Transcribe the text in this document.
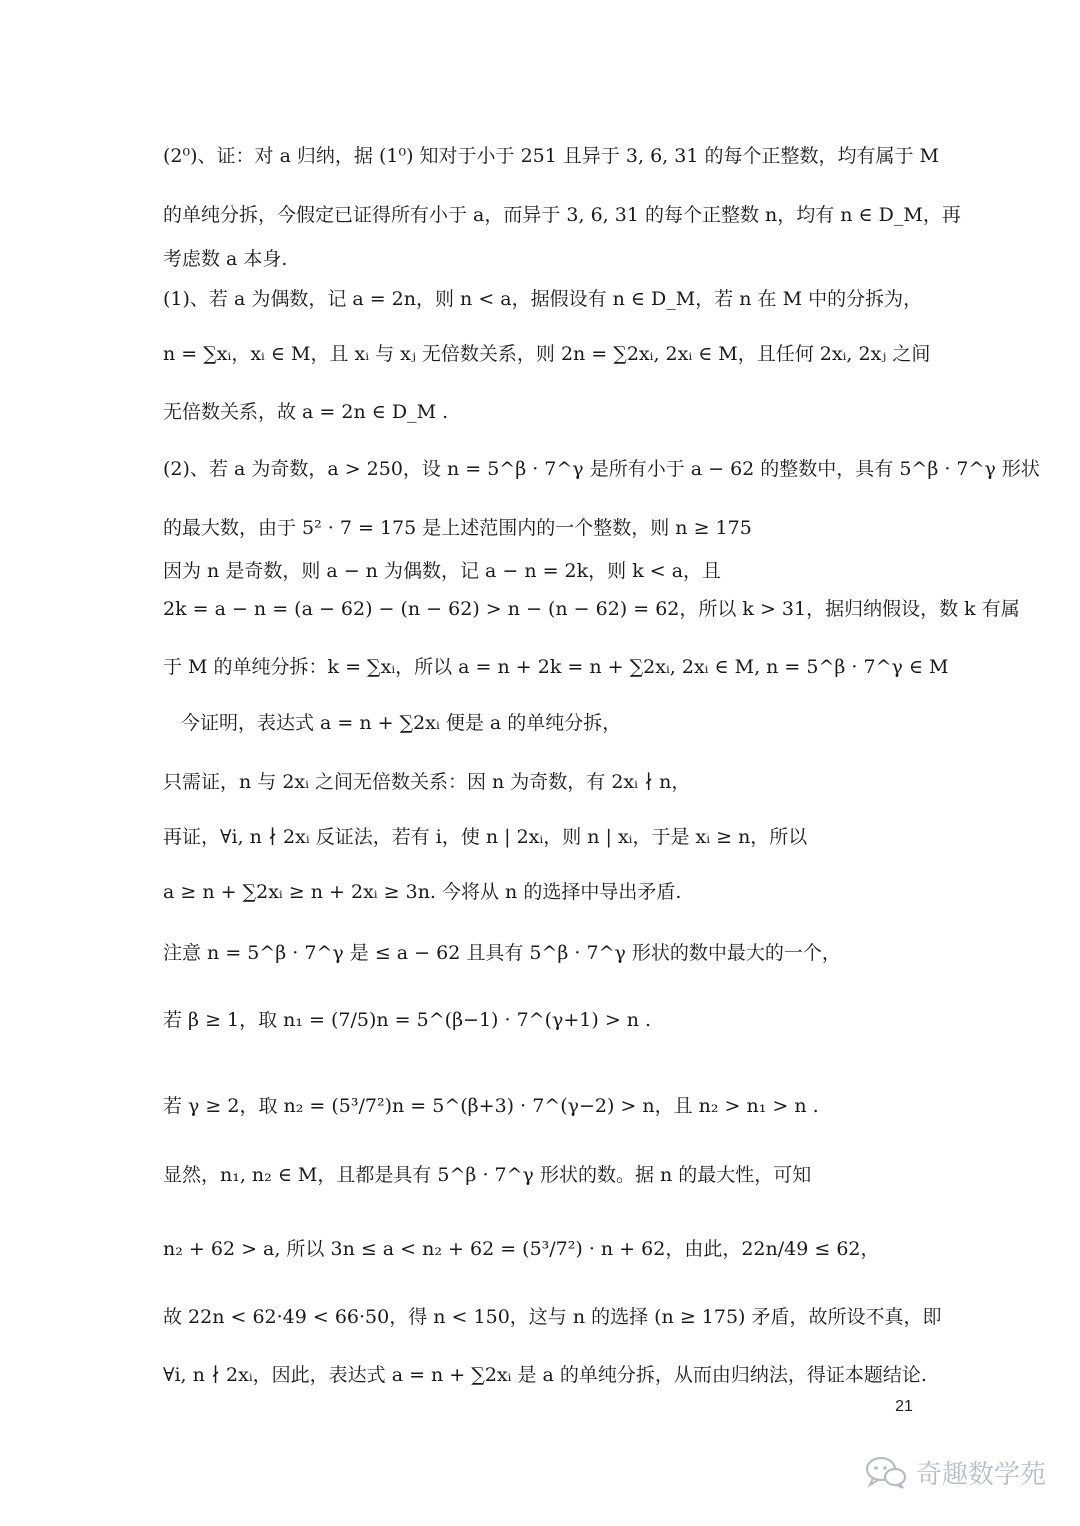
(2⁰)、证：对 a 归纳，据 (1⁰) 知对于小于 251 且异于 3, 6, 31 的每个正整数，均有属于 M
的单纯分拆，今假定已证得所有小于 a，而异于 3, 6, 31 的每个正整数 n，均有 n ∈ D_M，再
考虑数 a 本身.
(1)、若 a 为偶数，记 a = 2n，则 n < a，据假设有 n ∈ D_M，若 n 在 M 中的分拆为，
n = ∑xᵢ，xᵢ ∈ M，且 xᵢ 与 xⱼ 无倍数关系，则 2n = ∑2xᵢ, 2xᵢ ∈ M，且任何 2xᵢ, 2xⱼ 之间
无倍数关系，故 a = 2n ∈ D_M .
(2)、若 a 为奇数，a > 250，设 n = 5^β · 7^γ 是所有小于 a − 62 的整数中，具有 5^β · 7^γ 形状
的最大数，由于 5² · 7 = 175 是上述范围内的一个整数，则 n ≥ 175
因为 n 是奇数，则 a − n 为偶数，记 a − n = 2k，则 k < a，且
2k = a − n = (a − 62) − (n − 62) > n − (n − 62) = 62，所以 k > 31，据归纳假设，数 k 有属
于 M 的单纯分拆：k = ∑xᵢ，所以 a = n + 2k = n + ∑2xᵢ, 2xᵢ ∈ M, n = 5^β · 7^γ ∈ M
今证明，表达式 a = n + ∑2xᵢ 便是 a 的单纯分拆，
只需证，n 与 2xᵢ 之间无倍数关系：因 n 为奇数，有 2xᵢ ∤ n，
再证，∀i, n ∤ 2xᵢ 反证法，若有 i，使 n | 2xᵢ，则 n | xᵢ，于是 xᵢ ≥ n，所以
a ≥ n + ∑2xᵢ ≥ n + 2xᵢ ≥ 3n. 今将从 n 的选择中导出矛盾.
注意 n = 5^β · 7^γ 是 ≤ a − 62 且具有 5^β · 7^γ 形状的数中最大的一个，
若 β ≥ 1，取 n₁ = (7/5)n = 5^(β−1) · 7^(γ+1) > n .
若 γ ≥ 2，取 n₂ = (5³/7²)n = 5^(β+3) · 7^(γ−2) > n，且 n₂ > n₁ > n .
显然，n₁, n₂ ∈ M，且都是具有 5^β · 7^γ 形状的数。据 n 的最大性，可知
n₂ + 62 > a, 所以 3n ≤ a < n₂ + 62 = (5³/7²) · n + 62，由此，22n/49 ≤ 62，
故 22n < 62·49 < 66·50，得 n < 150，这与 n 的选择 (n ≥ 175) 矛盾，故所设不真，即
∀i, n ∤ 2xᵢ，因此，表达式 a = n + ∑2xᵢ 是 a 的单纯分拆，从而由归纳法，得证本题结论.
21
奇趣数学苑
